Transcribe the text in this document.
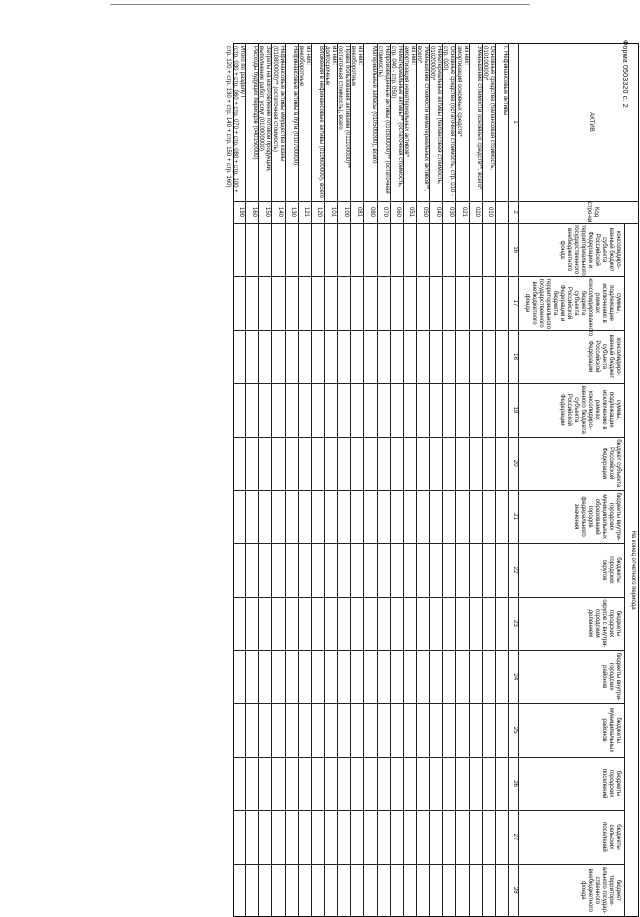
Форма 0503320 с. 2
АКТИВ
Код стро-ки
На конец отчетного периода
консолидиро-ванный бюджет субъекта Российской Федерации и территориального государственного внебюджетного фонда
суммы, подлежащие исключению в рамках консолидированного бюджета субъекта Российской Федерации и бюджета территориального государственного внебюджетного фонда
консолидиро-ванный бюджет субъекта Российской Федерации
суммы, подлежащие исключению в рамках консолидиро-ванного бюджета субъекта Российской Федерации
бюджет субъекта Российской Федерации
бюджеты внутри-городских муниципальных образований городов федерального значения
бюджеты городских округов
бюджеты городских округов с внутри-городским делением
бюджеты внутри-городских районов
бюджеты муниципальных районов
бюджеты городских поселений
бюджеты сельских поселений
бюджет территори-ального государ-ственного внебюджетного фонда
1
2
16
17
18
19
20
21
22
23
24
25
26
27
28
I. Нефинансовые активы
Основные средства (балансовая стоимость, 010100000)*
010
Уменьшение стоимости основных средств**, всего*
020
из них:
амортизация основных средств*
021
Основные средства (остаточная стоимость, стр. 010 - стр. 020)
030
Нематериальные активы (балансовая стоимость, 010200000)*
040
Уменьшение стоимости нематериальных активов**, всего*
050
из них:
амортизация нематериальных активов*
051
Нематериальные активы** (остаточная стоимость, стр. 040 - стр. 050)
060
Непроизведенные активы (010300000)** (остаточная стоимость)
070
Материальные запасы (010500000), всего
080
из них:
внеоборотные
081
Права пользования активами (011100000)** (остаточная стоимость), всего
100
из них:
долгосрочные
101
Вложения в нефинансовые активы (010600000), всего
120
из них:
внеоборотные
121
Нефинансовые активы в пути (010700000)
130
Нефинансовые активы имущества казны (010800000)** (остаточная стоимость)
140
Затраты на изготовление готовой продукции, выполнение работ, услуг (010900000)
150
Расходы будущих периодов (040150000)
160
Итого по разделу I
(стр. 030 + стр. 060 + стр. 070 + стр. 080 + стр. 100 + стр. 120 + стр. 130 + стр. 140 + стр. 150 + стр. 160)
190
